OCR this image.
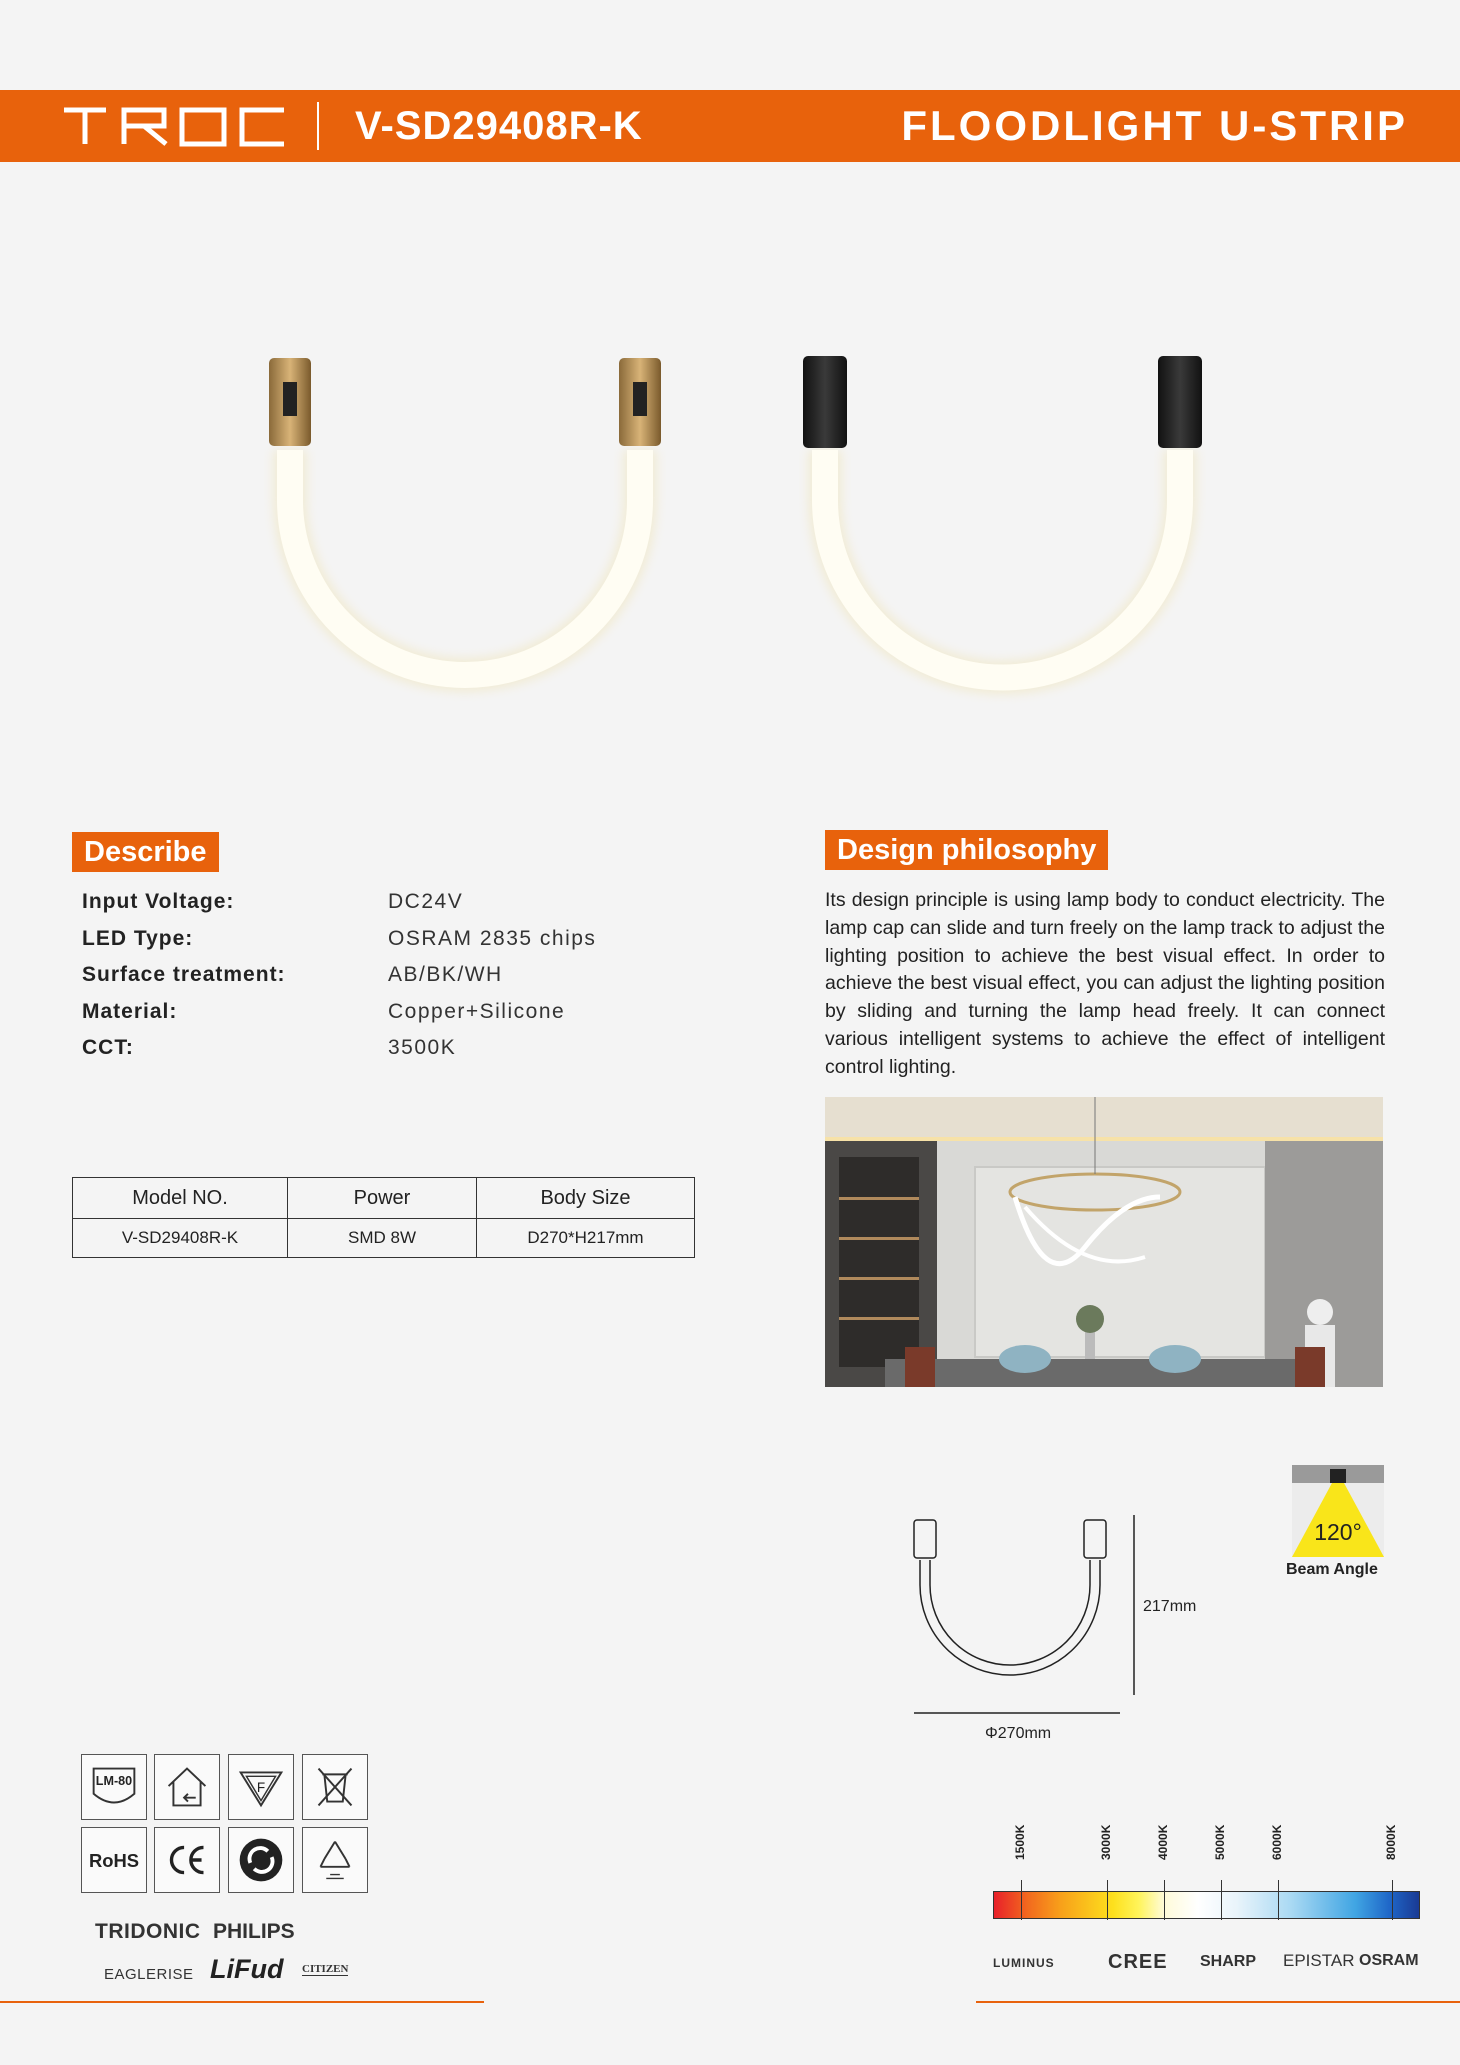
V-SD29408R-K	FLOODLIGHT U-STRIP
Describe
Input Voltage:	DC24V
LED Type:	OSRAM 2835 chips
Surface treatment:	AB/BK/WH
Material:	Copper+Silicone
CCT:	3500K
Model NO.	Power	Body Size
V-SD29408R-K	SMD 8W	D270*H217mm
Design philosophy
Its design principle is using lamp body to conduct electricity. The lamp cap can slide and turn freely on the lamp track to adjust the lighting position to achieve the best visual effect. In order to achieve the best visual effect, you can adjust the lighting position by sliding and turning the lamp head freely. It can connect various intelligent systems to achieve the effect of intelligent control lighting.
120°
Beam Angle
217mm
Φ270mm
LM-80	F
RoHS
TRIDONIC PHILIPS
EAGLERISE LiFud CITIZEN
1500K	3000K	4000K	5000K	6000K	8000K
LUMINUS	CREE SHARP EPISTAR OSRAM
